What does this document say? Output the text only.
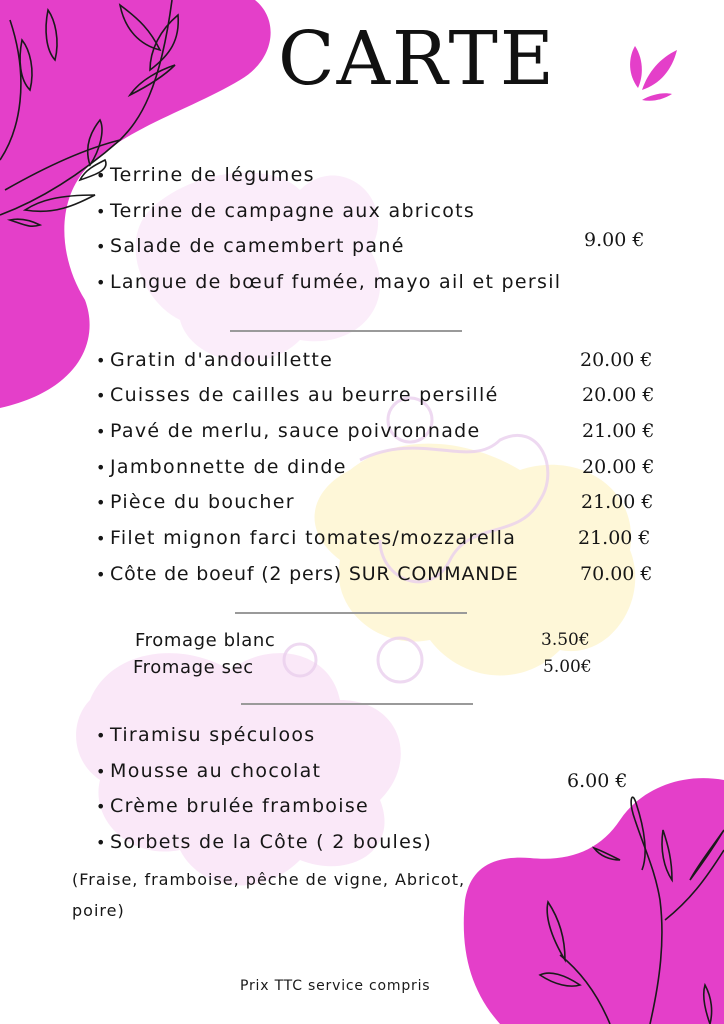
CARTE
• Terrine de légumes
• Terrine de campagne aux abricots
• Salade de camembert pané
• Langue de bœuf fumée, mayo ail et persil
9.00 €
• Gratin d'andouillette	20.00 €
• Cuisses de cailles au beurre persillé	20.00 €
• Pavé de merlu, sauce poivronnade	21.00 €
• Jambonnette de dinde	20.00 €
• Pièce du boucher	21.00 €
• Filet mignon farci tomates/mozzarella	21.00 €
• Côte de boeuf (2 pers) SUR COMMANDE	70.00 €
Fromage blanc	3.50€
Fromage sec	5.00€
• Tiramisu spéculoos
• Mousse au chocolat
• Crème brulée framboise
• Sorbets de la Côte ( 2 boules)
(Fraise, framboise, pêche de vigne, Abricot,
poire)
6.00 €
Prix TTC service compris
